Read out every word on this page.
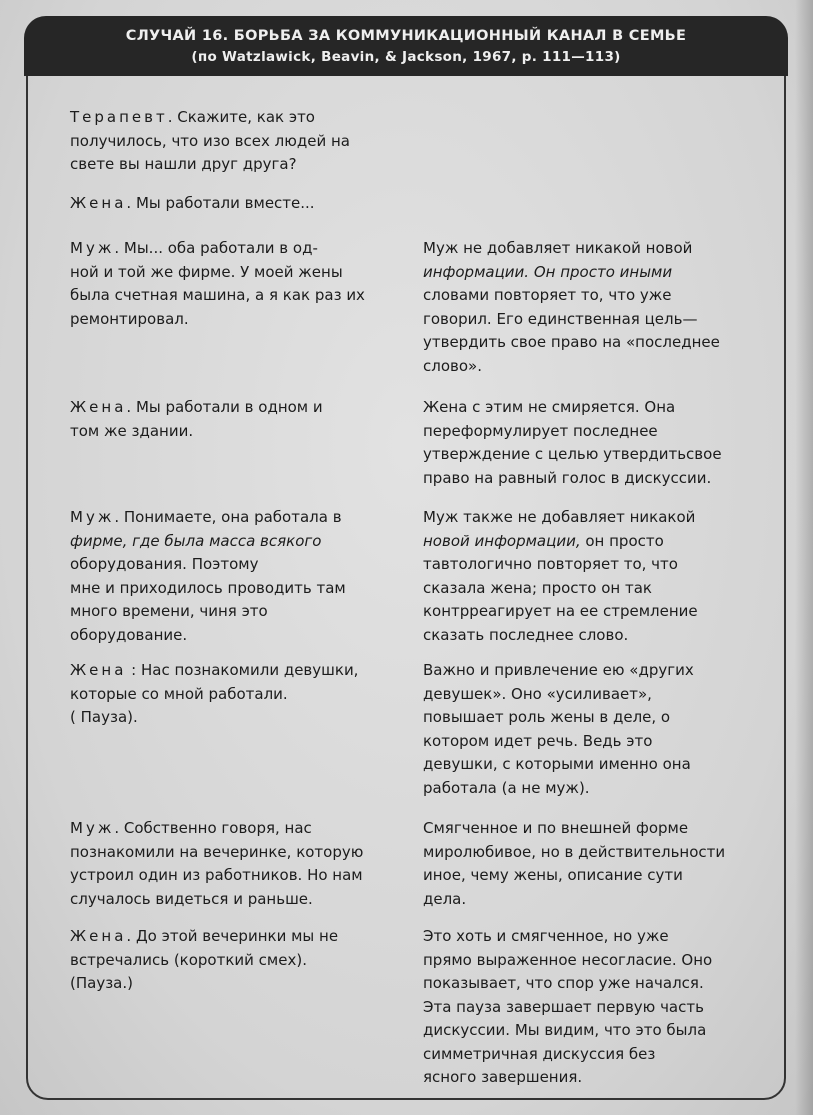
СЛУЧАЙ 16. БОРЬБА ЗА КОММУНИКАЦИОННЫЙ КАНАЛ В СЕМЬЕ
(по Watzlawick, Beavin, & Jackson, 1967, p. 111—113)
Терапевт. Скажите, как это
получилось, что изо всех людей на
свете вы нашли друг друга?
Жена. Мы работали вместе...
Муж. Мы... оба работали в од-
ной и той же фирме. У моей жены
была счетная машина, а я как раз их
ремонтировал.
Муж не добавляет никакой новой
информации. Он просто иными
словами повторяет то, что уже
говорил. Его единственная цель—
утвердить свое право на «последнее
слово».
Жена. Мы работали в одном и
том же здании.
Жена с этим не смиряется. Она
переформулирует последнее
утверждение с целью утвердитьсвое
право на равный голос в дискуссии.
Муж. Понимаете, она работала в
фирме, где была масса всякого
оборудования. Поэтому
мне и приходилось проводить там
много времени, чиня это
оборудование.
Муж также не добавляет никакой
новой информации, он просто
тавтологично повторяет то, что
сказала жена; просто он так
контрреагирует на ее стремление
сказать последнее слово.
Жена : Нас познакомили девушки,
которые со мной работали.
( Пауза).
Важно и привлечение ею «других
девушек». Оно «усиливает»,
повышает роль жены в деле, о
котором идет речь. Ведь это
девушки, с которыми именно она
работала (а не муж).
Муж. Собственно говоря, нас
познакомили на вечеринке, которую
устроил один из работников. Но нам
случалось видеться и раньше.
Смягченное и по внешней форме
миролюбивое, но в действительности
иное, чему жены, описание сути
дела.
Жена. До этой вечеринки мы не
встречались (короткий смех).
(Пауза.)
Это хоть и смягченное, но уже
прямо выраженное несогласие. Оно
показывает, что спор уже начался.
Эта пауза завершает первую часть
дискуссии. Мы видим, что это была
симметричная дискуссия без
ясного завершения.
